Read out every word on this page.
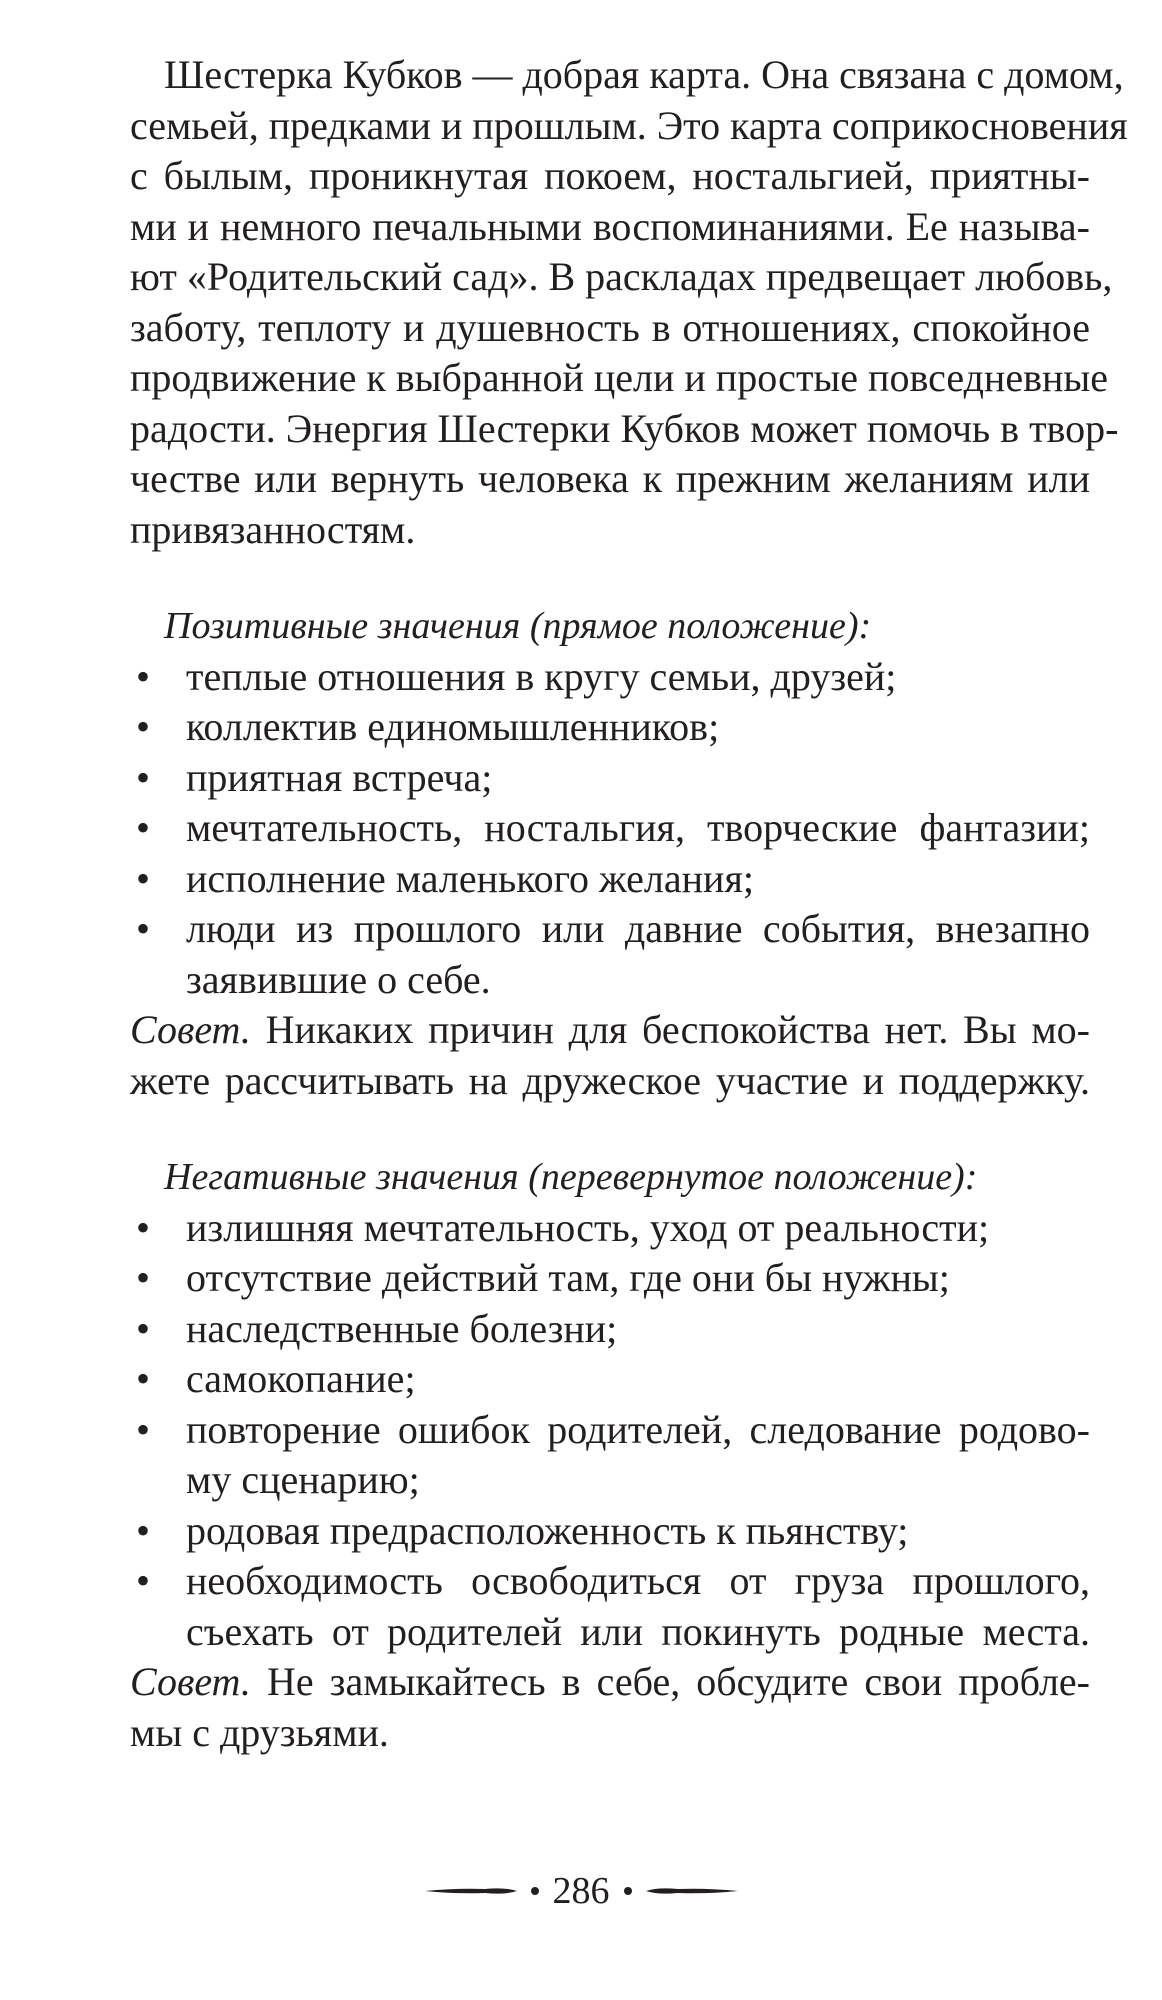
Шестерка Кубков — добрая карта. Она связана с домом,
семьей, предками и прошлым. Это карта соприкосновения
с былым, проникнутая покоем, ностальгией, приятны-
ми и немного печальными воспоминаниями. Ее называ-
ют «Родительский сад». В раскладах предвещает любовь,
заботу, теплоту и душевность в отношениях, спокойное
продвижение к выбранной цели и простые повседневные
радости. Энергия Шестерки Кубков может помочь в твор-
честве или вернуть человека к прежним желаниям или
привязанностям.

Позитивные значения (прямое положение):
• теплые отношения в кругу семьи, друзей;
• коллектив единомышленников;
• приятная встреча;
• мечтательность, ностальгия, творческие фантазии;
• исполнение маленького желания;
• люди из прошлого или давние события, внезапно
заявившие о себе.

Совет. Никаких причин для беспокойства нет. Вы мо-
жете рассчитывать на дружеское участие и поддержку.

Негативные значения (перевернутое положение):
• излишняя мечтательность, уход от реальности;
• отсутствие действий там, где они бы нужны;
• наследственные болезни;
• самокопание;
• повторение ошибок родителей, следование родово-
му сценарию;
• родовая предрасположенность к пьянству;
• необходимость освободиться от груза прошлого,
съехать от родителей или покинуть родные места.

Совет. Не замыкайтесь в себе, обсудите свои пробле-
мы с друзьями.

286
